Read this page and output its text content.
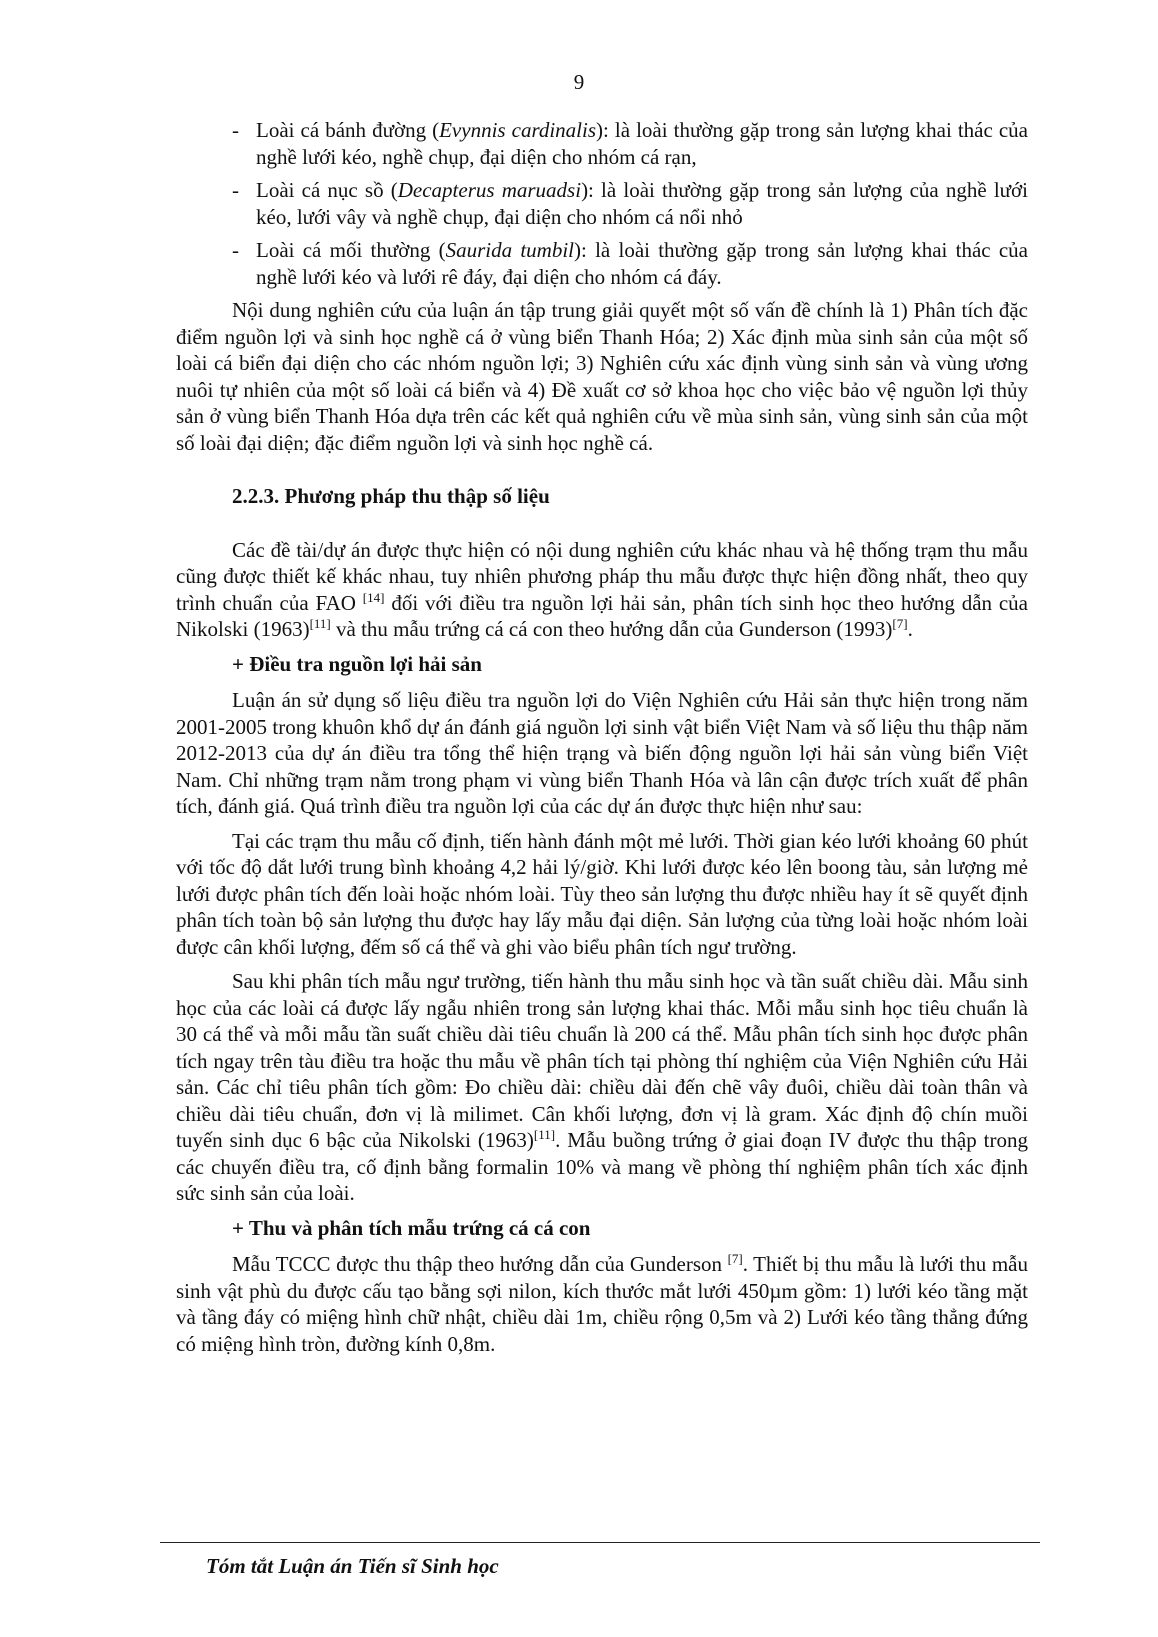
9
- Loài cá bánh đường (Evynnis cardinalis): là loài thường gặp trong sản lượng khai thác của nghề lưới kéo, nghề chụp, đại diện cho nhóm cá rạn,
- Loài cá nục sồ (Decapterus maruadsi): là loài thường gặp trong sản lượng của nghề lưới kéo, lưới vây và nghề chụp, đại diện cho nhóm cá nổi nhỏ
- Loài cá mối thường (Saurida tumbil): là loài thường gặp trong sản lượng khai thác của nghề lưới kéo và lưới rê đáy, đại diện cho nhóm cá đáy.

Nội dung nghiên cứu của luận án tập trung giải quyết một số vấn đề chính là 1) Phân tích đặc điểm nguồn lợi và sinh học nghề cá ở vùng biển Thanh Hóa; 2) Xác định mùa sinh sản của một số loài cá biển đại diện cho các nhóm nguồn lợi; 3) Nghiên cứu xác định vùng sinh sản và vùng ương nuôi tự nhiên của một số loài cá biển và 4) Đề xuất cơ sở khoa học cho việc bảo vệ nguồn lợi thủy sản ở vùng biển Thanh Hóa dựa trên các kết quả nghiên cứu về mùa sinh sản, vùng sinh sản của một số loài đại diện; đặc điểm nguồn lợi và sinh học nghề cá.

2.2.3. Phương pháp thu thập số liệu

Các đề tài/dự án được thực hiện có nội dung nghiên cứu khác nhau và hệ thống trạm thu mẫu cũng được thiết kế khác nhau, tuy nhiên phương pháp thu mẫu được thực hiện đồng nhất, theo quy trình chuẩn của FAO [14] đối với điều tra nguồn lợi hải sản, phân tích sinh học theo hướng dẫn của Nikolski (1963)[11] và thu mẫu trứng cá cá con theo hướng dẫn của Gunderson (1993)[7].

+ Điều tra nguồn lợi hải sản

Luận án sử dụng số liệu điều tra nguồn lợi do Viện Nghiên cứu Hải sản thực hiện trong năm 2001-2005 trong khuôn khổ dự án đánh giá nguồn lợi sinh vật biển Việt Nam và số liệu thu thập năm 2012-2013 của dự án điều tra tổng thể hiện trạng và biến động nguồn lợi hải sản vùng biển Việt Nam. Chỉ những trạm nằm trong phạm vi vùng biển Thanh Hóa và lân cận được trích xuất để phân tích, đánh giá. Quá trình điều tra nguồn lợi của các dự án được thực hiện như sau:

Tại các trạm thu mẫu cố định, tiến hành đánh một mẻ lưới. Thời gian kéo lưới khoảng 60 phút với tốc độ dắt lưới trung bình khoảng 4,2 hải lý/giờ. Khi lưới được kéo lên boong tàu, sản lượng mẻ lưới được phân tích đến loài hoặc nhóm loài. Tùy theo sản lượng thu được nhiều hay ít sẽ quyết định phân tích toàn bộ sản lượng thu được hay lấy mẫu đại diện. Sản lượng của từng loài hoặc nhóm loài được cân khối lượng, đếm số cá thể và ghi vào biểu phân tích ngư trường.

Sau khi phân tích mẫu ngư trường, tiến hành thu mẫu sinh học và tần suất chiều dài. Mẫu sinh học của các loài cá được lấy ngẫu nhiên trong sản lượng khai thác. Mỗi mẫu sinh học tiêu chuẩn là 30 cá thể và mỗi mẫu tần suất chiều dài tiêu chuẩn là 200 cá thể. Mẫu phân tích sinh học được phân tích ngay trên tàu điều tra hoặc thu mẫu về phân tích tại phòng thí nghiệm của Viện Nghiên cứu Hải sản. Các chỉ tiêu phân tích gồm: Đo chiều dài: chiều dài đến chẽ vây đuôi, chiều dài toàn thân và chiều dài tiêu chuẩn, đơn vị là milimet. Cân khối lượng, đơn vị là gram. Xác định độ chín muồi tuyến sinh dục 6 bậc của Nikolski (1963)[11]. Mẫu buồng trứng ở giai đoạn IV được thu thập trong các chuyến điều tra, cố định bằng formalin 10% và mang về phòng thí nghiệm phân tích xác định sức sinh sản của loài.

+ Thu và phân tích mẫu trứng cá cá con

Mẫu TCCC được thu thập theo hướng dẫn của Gunderson [7]. Thiết bị thu mẫu là lưới thu mẫu sinh vật phù du được cấu tạo bằng sợi nilon, kích thước mắt lưới 450µm gồm: 1) lưới kéo tầng mặt và tầng đáy có miệng hình chữ nhật, chiều dài 1m, chiều rộng 0,5m và 2) Lưới kéo tầng thẳng đứng có miệng hình tròn, đường kính 0,8m.

Tóm tắt Luận án Tiến sĩ Sinh học
